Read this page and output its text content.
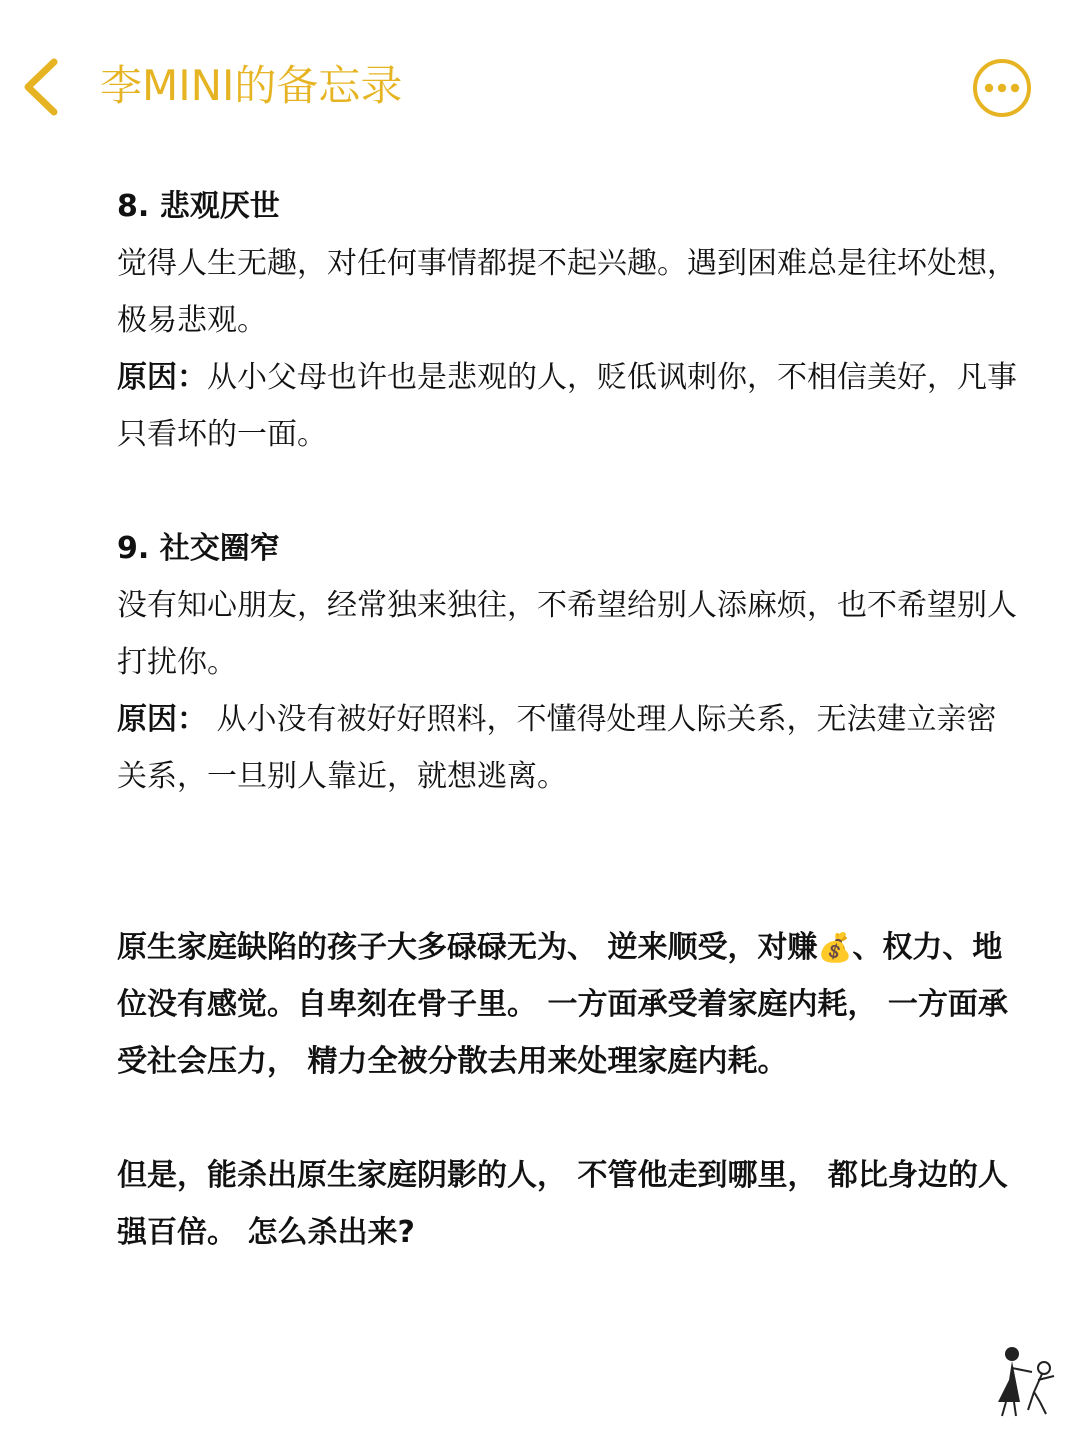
李MINI的备忘录

8. 悲观厌世

觉得人生无趣，对任何事情都提不起兴趣。遇到困难总是往坏处想，极易悲观。

原因：从小父母也许也是悲观的人，贬低讽刺你，不相信美好，凡事只看坏的一面。

9. 社交圈窄

没有知心朋友，经常独来独往，不希望给别人添麻烦，也不希望别人打扰你。

原因： 从小没有被好好照料，不懂得处理人际关系，无法建立亲密关系，一旦别人靠近，就想逃离。

原生家庭缺陷的孩子大多碌碌无为、 逆来顺受，对赚💰、权力、地位没有感觉。自卑刻在骨子里。 一方面承受着家庭内耗， 一方面承受社会压力， 精力全被分散去用来处理家庭内耗。

但是，能杀出原生家庭阴影的人， 不管他走到哪里， 都比身边的人强百倍。 怎么杀出来?
